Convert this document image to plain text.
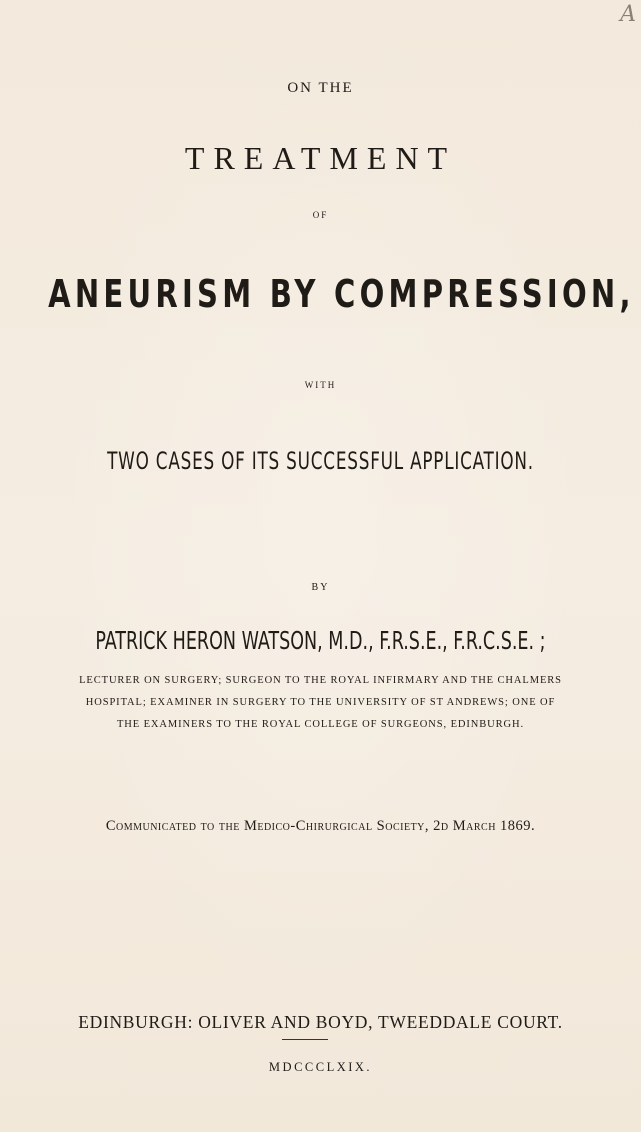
A
ON THE
TREATMENT
OF
ANEURISM BY COMPRESSION,
WITH
TWO CASES OF ITS SUCCESSFUL APPLICATION.
BY
PATRICK HERON WATSON, M.D., F.R.S.E., F.R.C.S.E. ;
LECTURER ON SURGERY; SURGEON TO THE ROYAL INFIRMARY AND THE CHALMERS
HOSPITAL; EXAMINER IN SURGERY TO THE UNIVERSITY OF ST ANDREWS; ONE OF
THE EXAMINERS TO THE ROYAL COLLEGE OF SURGEONS, EDINBURGH.
Communicated to the Medico-Chirurgical Society, 2d March 1869.
EDINBURGH: OLIVER AND BOYD, TWEEDDALE COURT.
MDCCCLXIX.
